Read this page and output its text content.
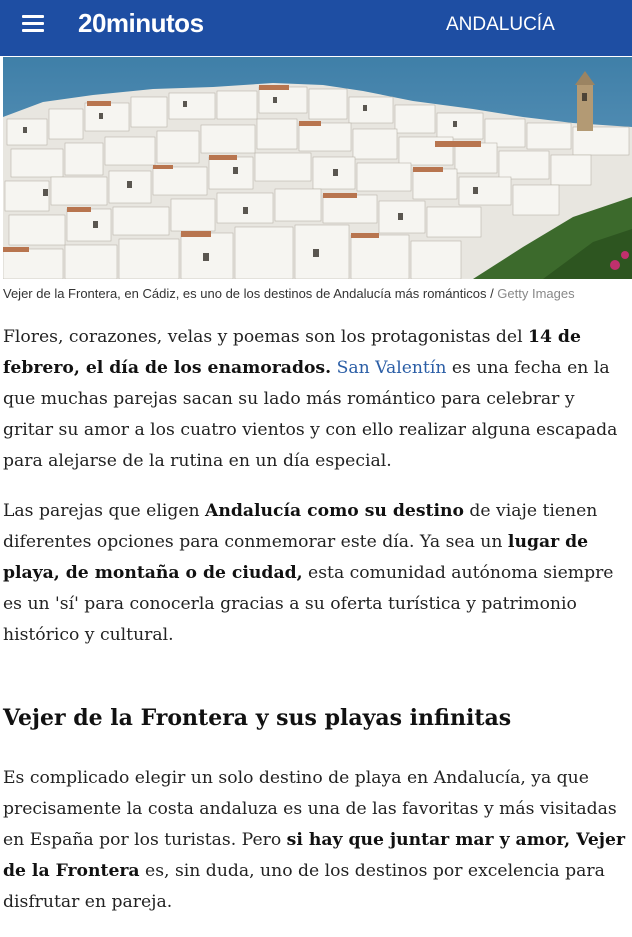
20minutos	ANDALUCÍA
Vejer de la Frontera, en Cádiz, es uno de los destinos de Andalucía más románticos / Getty Images

Flores, corazones, velas y poemas son los protagonistas del 14 de febrero, el día de los enamorados. San Valentín es una fecha en la que muchas parejas sacan su lado más romántico para celebrar y gritar su amor a los cuatro vientos y con ello realizar alguna escapada para alejarse de la rutina en un día especial.

Las parejas que eligen Andalucía como su destino de viaje tienen diferentes opciones para conmemorar este día. Ya sea un lugar de playa, de montaña o de ciudad, esta comunidad autónoma siempre es un 'sí' para conocerla gracias a su oferta turística y patrimonio histórico y cultural.

Vejer de la Frontera y sus playas infinitas

Es complicado elegir un solo destino de playa en Andalucía, ya que precisamente la costa andaluza es una de las favoritas y más visitadas en España por los turistas. Pero si hay que juntar mar y amor, Vejer de la Frontera es, sin duda, uno de los destinos por excelencia para disfrutar en pareja.
